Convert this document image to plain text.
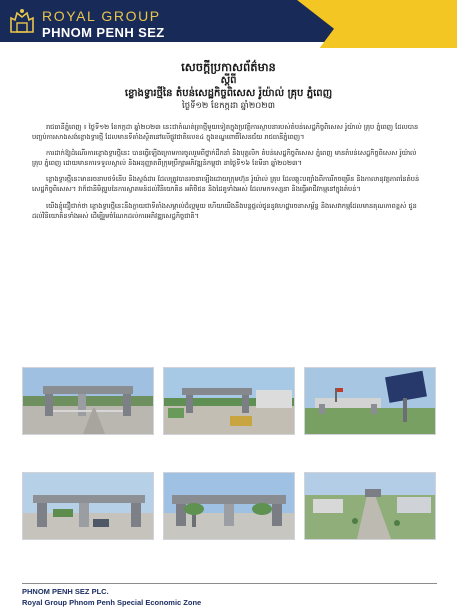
ROYAL GROUP
PHNOM PENH SEZ
សេចក្តីប្រកាសព័ត៌មាន
ស្តីពី
ខ្លោងទ្វារថ្មីនៃ តំបន់សេដ្ឋកិច្ចពិសេស រ៉ូយ៉ាល់ គ្រុប ភ្នំពេញ
ថ្ងៃទី១២ ខែកក្កដា ឆ្នាំ២០២៣

រាជធានីភ្នំពេញ ៖ ថ្ងៃទី១២ ខែកក្កដា ឆ្នាំ២០២៣ នេះជាកំណត់ត្រាថ្មីមួយទៀតក្នុងប្រវត្តិការស្ថាបនារបស់តំបន់សេដ្ឋកិច្ចពិសេស រ៉ូយ៉ាល់ គ្រុប ភ្នំពេញ ដែលបានបញ្ចប់ការសាងសង់ខ្លោងទ្វារថ្មី ដែលមានទីតាំងស្ថិតនៅលើផ្លូវជាតិលេខ៤ ក្នុងខណ្ឌពោធិ៍សែនជ័យ រាជធានីភ្នំពេញ។

ការដាក់ឱ្យដំណើរការខ្លោងទ្វារថ្មីនេះ បានធ្វើឡើងក្រោមការចូលរួមពីថ្នាក់ដឹកនាំ និងបុគ្គលិក តំបន់សេដ្ឋកិច្ចពិសេស ភ្នំពេញ មានតំបន់សេដ្ឋកិច្ចពិសេស រ៉ូយ៉ាល់ គ្រុប ភ្នំពេញ ដោយមានការទទួលស្គាល់ និងអនុញ្ញាតពីក្រុមប្រឹក្សាអភិវឌ្ឍន៍កម្ពុជា នាថ្ងៃទី១៦ ខែមីនា ឆ្នាំ២០២៣។

ខ្លោងទ្វារថ្មីនេះមានរចនាបថទំនើប និងស្តង់ដារ ដែលត្រូវបានរចនាឡើងដោយក្រុមហ៊ុន រ៉ូយ៉ាល់ គ្រុប ដែលឆ្លុះបញ្ចាំងពីការរីកចម្រើន និងកាលានុវត្តភាពនៃតំបន់សេដ្ឋកិច្ចពិសេស។ វាក៏ជានិមិត្តរូបនៃការស្វាគមន៍ដល់វិនិយោគិន អតិថិជន និងដៃគូទាំងអស់ ដែលមកទស្សនា និងធ្វើអាជីវកម្មនៅក្នុងតំបន់។

យើងខ្ញុំជឿជាក់ថា ខ្លោងទ្វារថ្មីនេះនឹងក្លាយជាទីតាំងសម្គាល់ដ៏ល្អមួយ ហើយយើងនឹងបន្តផ្តល់ជូននូវហេដ្ឋារចនាសម្ព័ន្ធ និងសេវាកម្មដែលមានគុណភាពខ្ពស់ ជូនដល់វិនិយោគិនទាំងអស់ ដើម្បីរួមចំណែកដល់ការអភិវឌ្ឍសេដ្ឋកិច្ចជាតិ។

PHNOM PENH SEZ PLC.
Royal Group Phnom Penh Special Economic Zone
